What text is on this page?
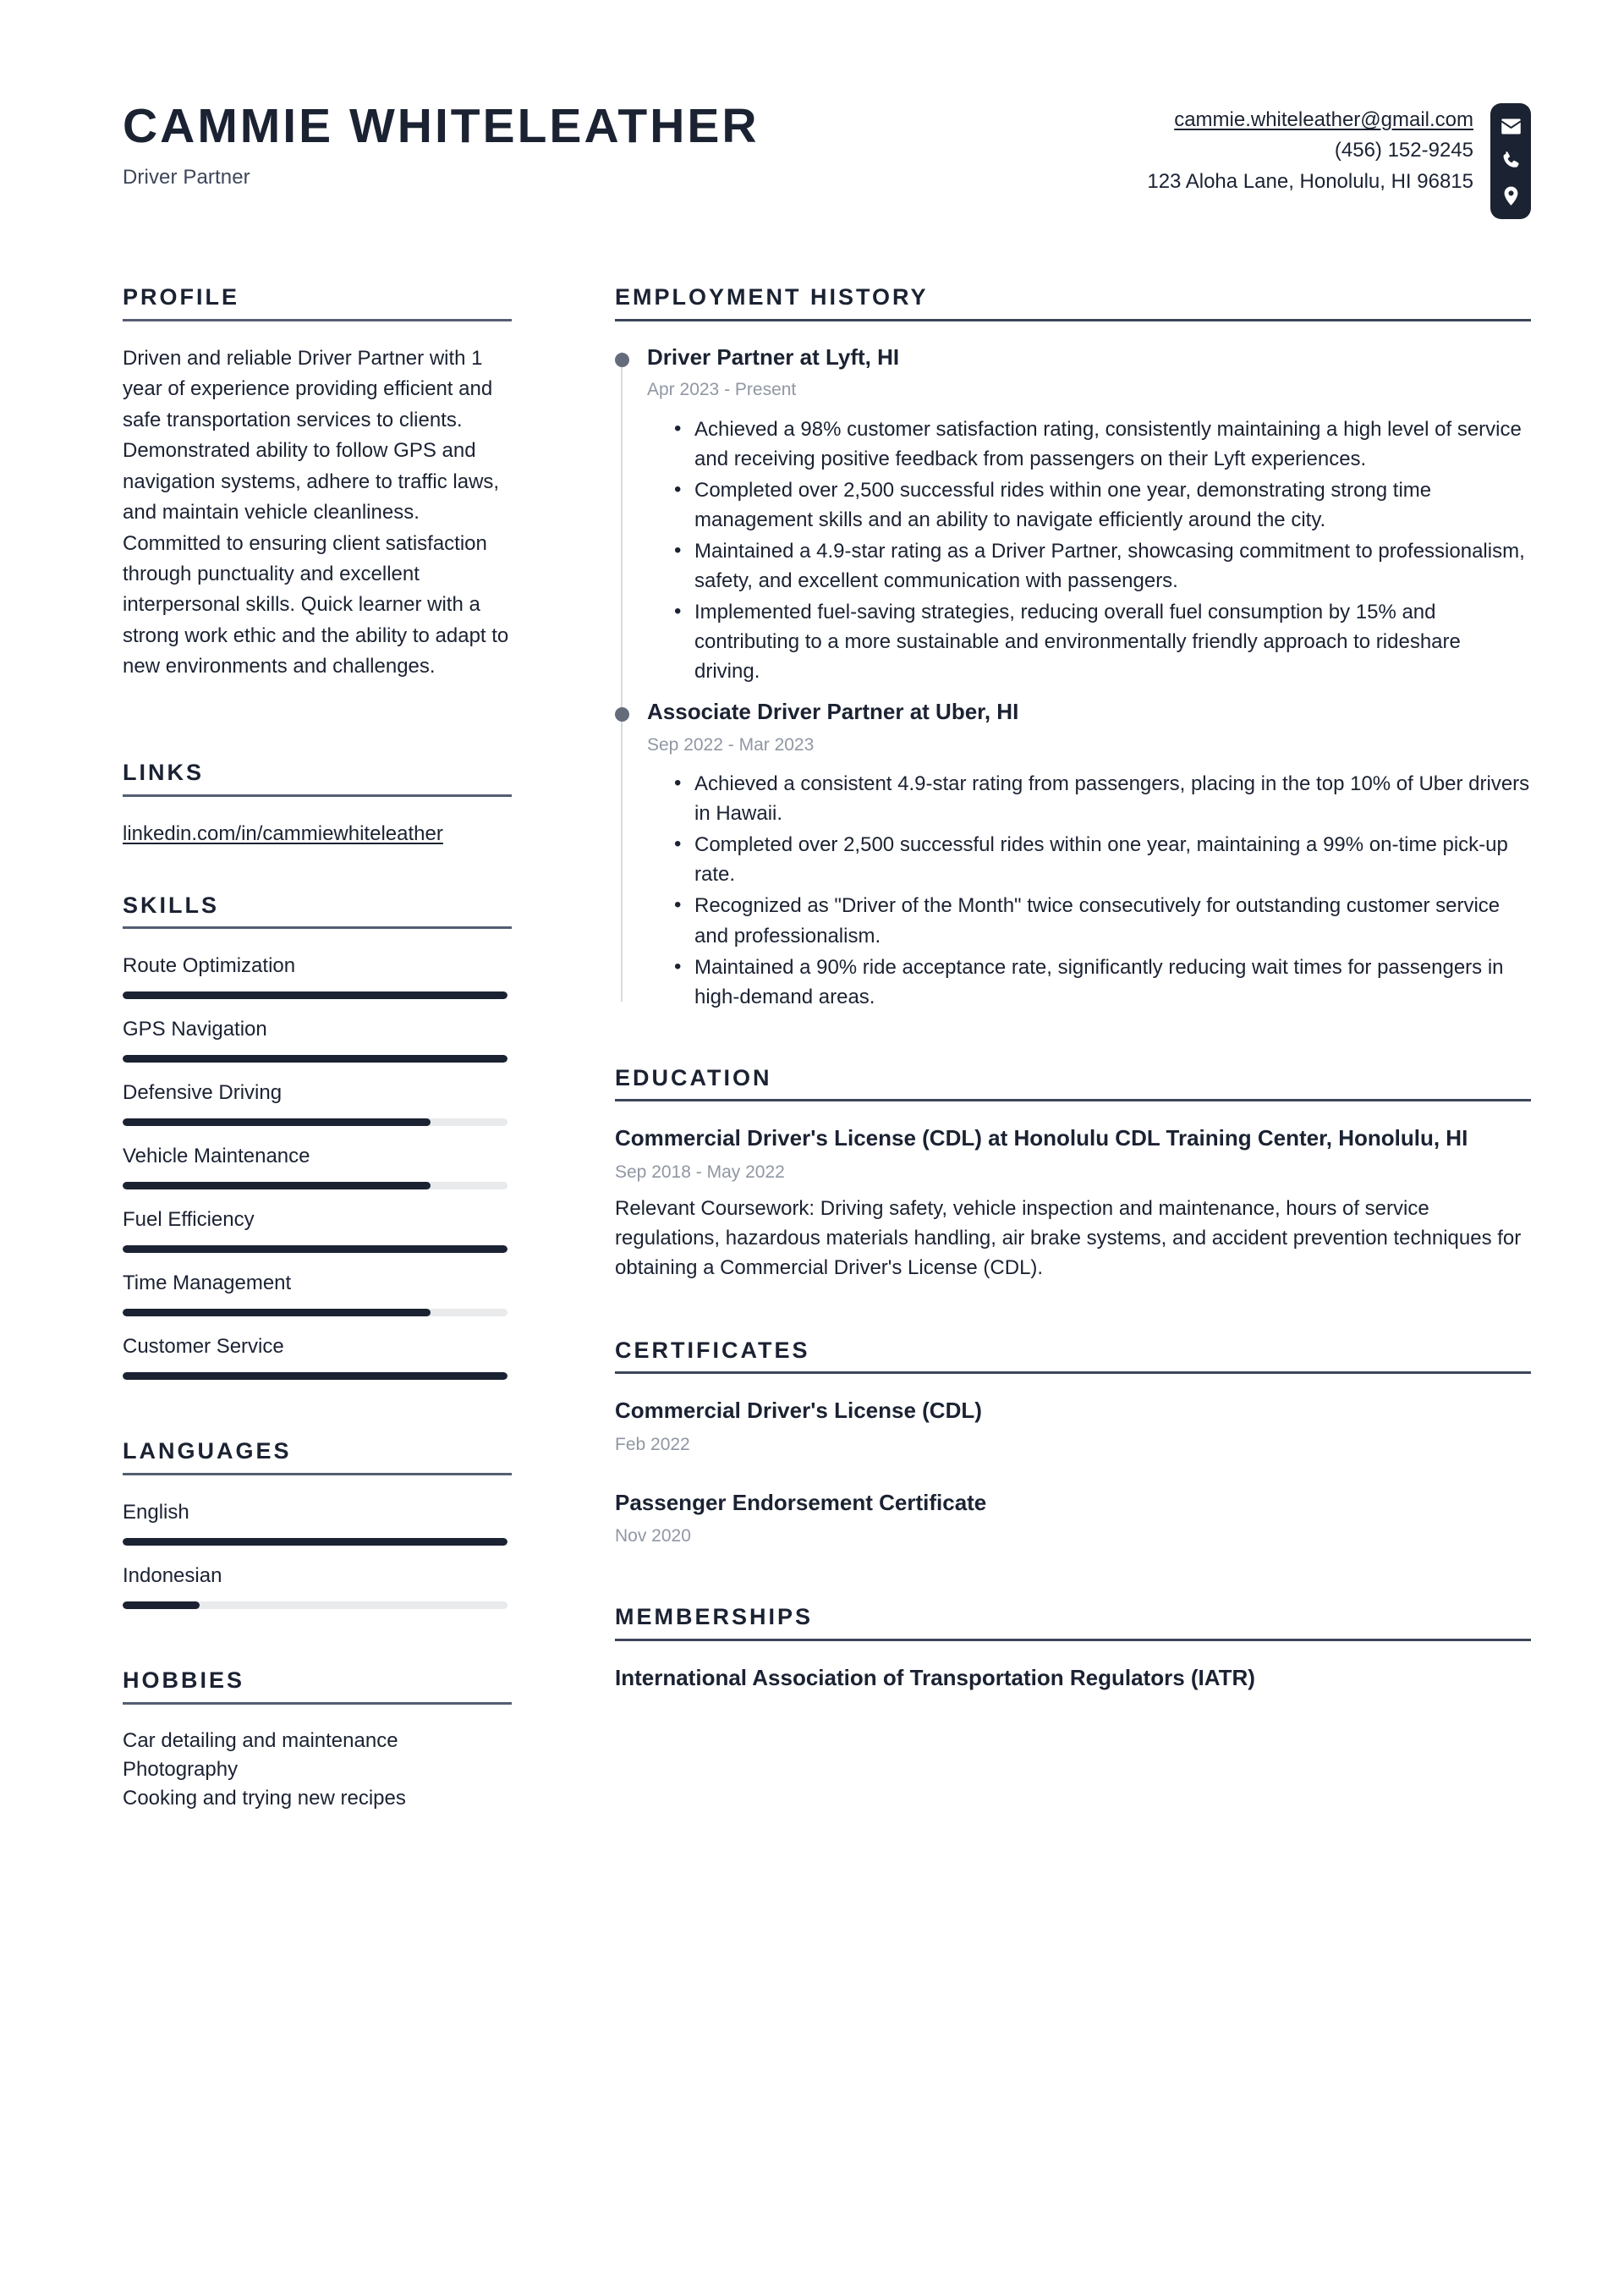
CAMMIE WHITELEATHER
Driver Partner
cammie.whiteleather@gmail.com
(456) 152-9245
123 Aloha Lane, Honolulu, HI 96815
PROFILE

Driven and reliable Driver Partner with 1 year of experience providing efficient and safe transportation services to clients. Demonstrated ability to follow GPS and navigation systems, adhere to traffic laws, and maintain vehicle cleanliness. Committed to ensuring client satisfaction through punctuality and excellent interpersonal skills. Quick learner with a strong work ethic and the ability to adapt to new environments and challenges.

LINKS
linkedin.com/in/cammiewhiteleather
SKILLS
Route Optimization
GPS Navigation
Defensive Driving
Vehicle Maintenance
Fuel Efficiency
Time Management
Customer Service
LANGUAGES
English
Indonesian
HOBBIES
Car detailing and maintenance
Photography
Cooking and trying new recipes
EMPLOYMENT HISTORY
Driver Partner at Lyft, HI
Apr 2023 - Present
• Achieved a 98% customer satisfaction rating, consistently maintaining a high level of service and receiving positive feedback from passengers on their Lyft experiences.
• Completed over 2,500 successful rides within one year, demonstrating strong time management skills and an ability to navigate efficiently around the city.
• Maintained a 4.9-star rating as a Driver Partner, showcasing commitment to professionalism, safety, and excellent communication with passengers.
• Implemented fuel-saving strategies, reducing overall fuel consumption by 15% and contributing to a more sustainable and environmentally friendly approach to rideshare driving.
Associate Driver Partner at Uber, HI
Sep 2022 - Mar 2023
• Achieved a consistent 4.9-star rating from passengers, placing in the top 10% of Uber drivers in Hawaii.
• Completed over 2,500 successful rides within one year, maintaining a 99% on-time pick-up rate.
• Recognized as "Driver of the Month" twice consecutively for outstanding customer service and professionalism.
• Maintained a 90% ride acceptance rate, significantly reducing wait times for passengers in high-demand areas.
EDUCATION
Commercial Driver's License (CDL) at Honolulu CDL Training Center, Honolulu, HI
Sep 2018 - May 2022
Relevant Coursework: Driving safety, vehicle inspection and maintenance, hours of service regulations, hazardous materials handling, air brake systems, and accident prevention techniques for obtaining a Commercial Driver's License (CDL).
CERTIFICATES
Commercial Driver's License (CDL)
Feb 2022
Passenger Endorsement Certificate
Nov 2020
MEMBERSHIPS
International Association of Transportation Regulators (IATR)
